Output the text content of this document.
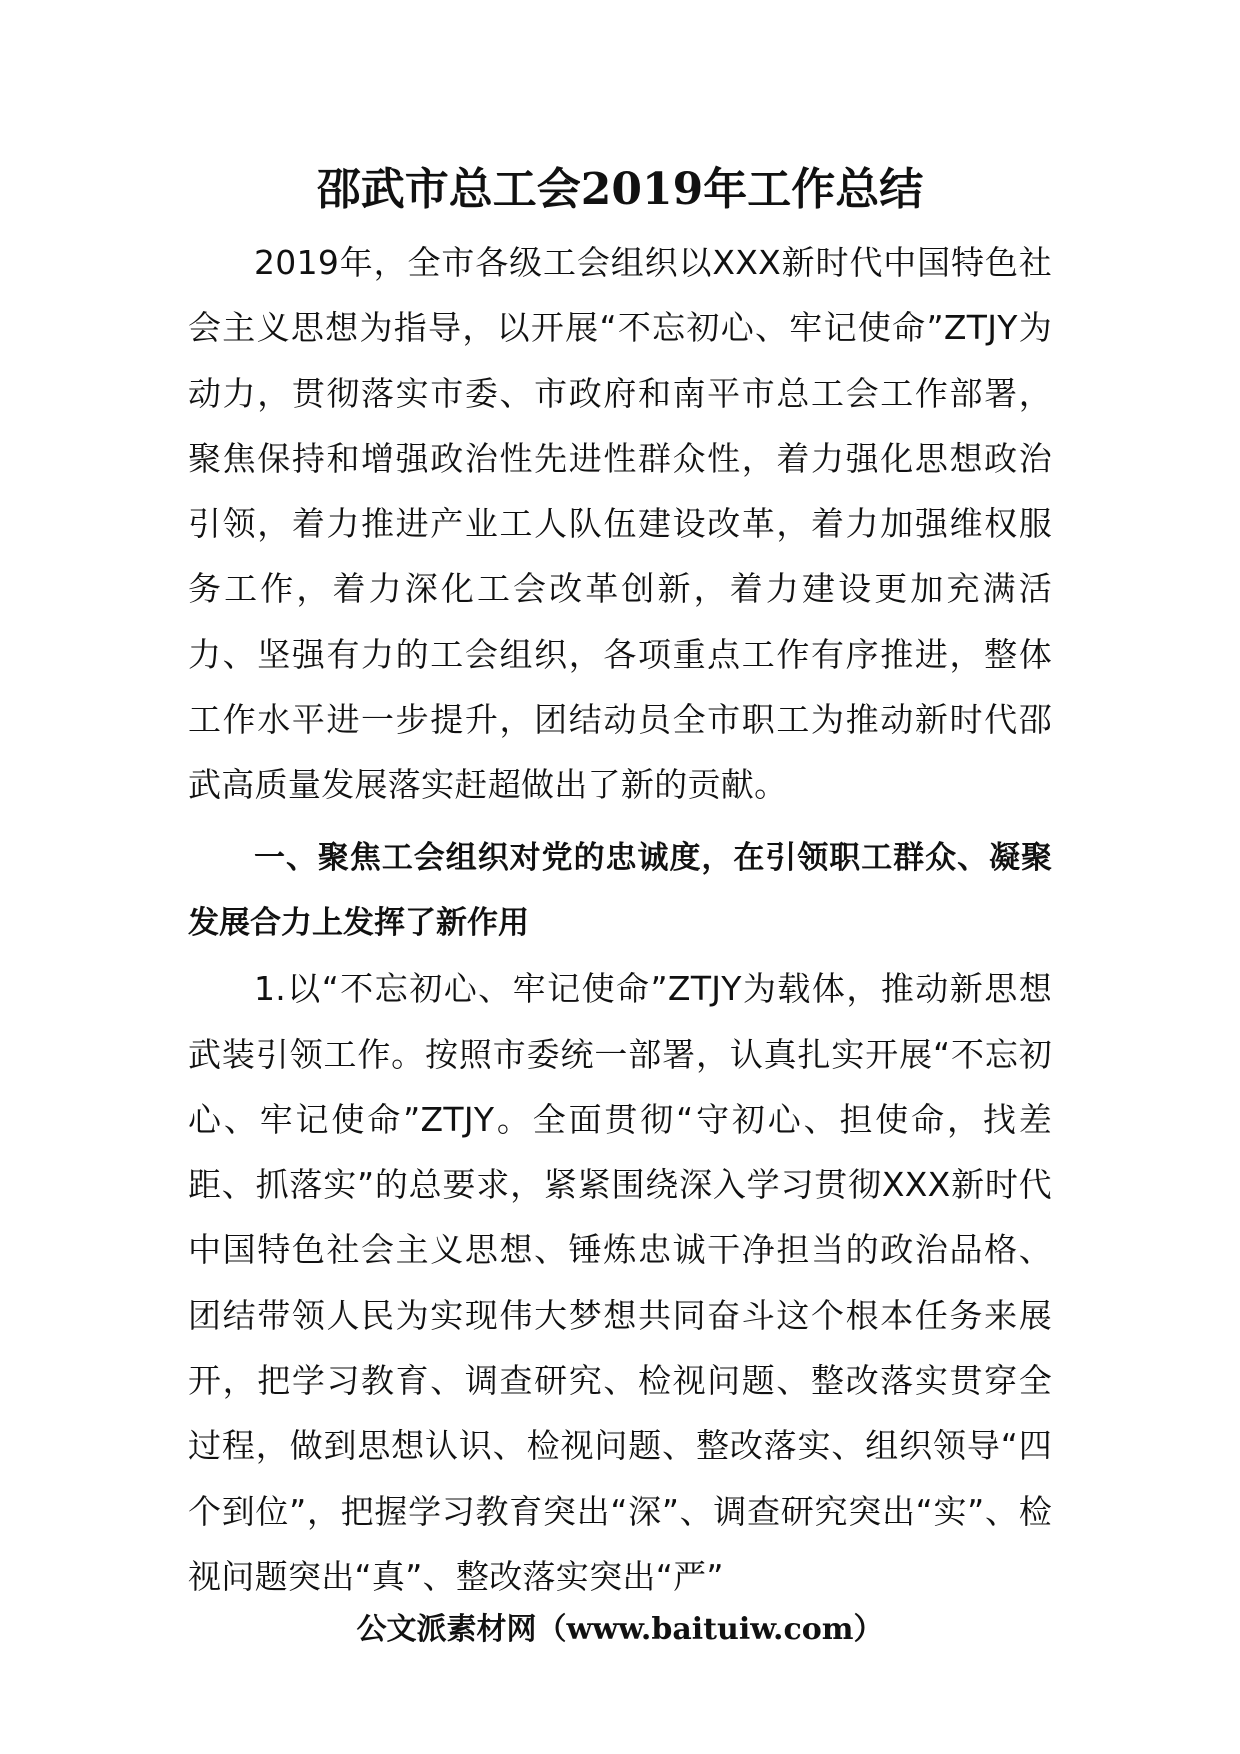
邵武市总工会2019年工作总结

2019年，全市各级工会组织以XXX新时代中国特色社会主义思想为指导，以开展“不忘初心、牢记使命”ZTJY为动力，贯彻落实市委、市政府和南平市总工会工作部署，聚焦保持和增强政治性先进性群众性，着力强化思想政治引领，着力推进产业工人队伍建设改革，着力加强维权服务工作，着力深化工会改革创新，着力建设更加充满活力、坚强有力的工会组织，各项重点工作有序推进，整体工作水平进一步提升，团结动员全市职工为推动新时代邵武高质量发展落实赶超做出了新的贡献。

一、聚焦工会组织对党的忠诚度，在引领职工群众、凝聚发展合力上发挥了新作用

1.以“不忘初心、牢记使命”ZTJY为载体，推动新思想武装引领工作。按照市委统一部署，认真扎实开展“不忘初心、牢记使命”ZTJY。全面贯彻“守初心、担使命，找差距、抓落实”的总要求，紧紧围绕深入学习贯彻XXX新时代中国特色社会主义思想、锤炼忠诚干净担当的政治品格、团结带领人民为实现伟大梦想共同奋斗这个根本任务来展开，把学习教育、调查研究、检视问题、整改落实贯穿全过程，做到思想认识、检视问题、整改落实、组织领导“四个到位”，把握学习教育突出“深”、调查研究突出“实”、检视问题突出“真”、整改落实突出“严”

公文派素材网（www.baituiw.com）
